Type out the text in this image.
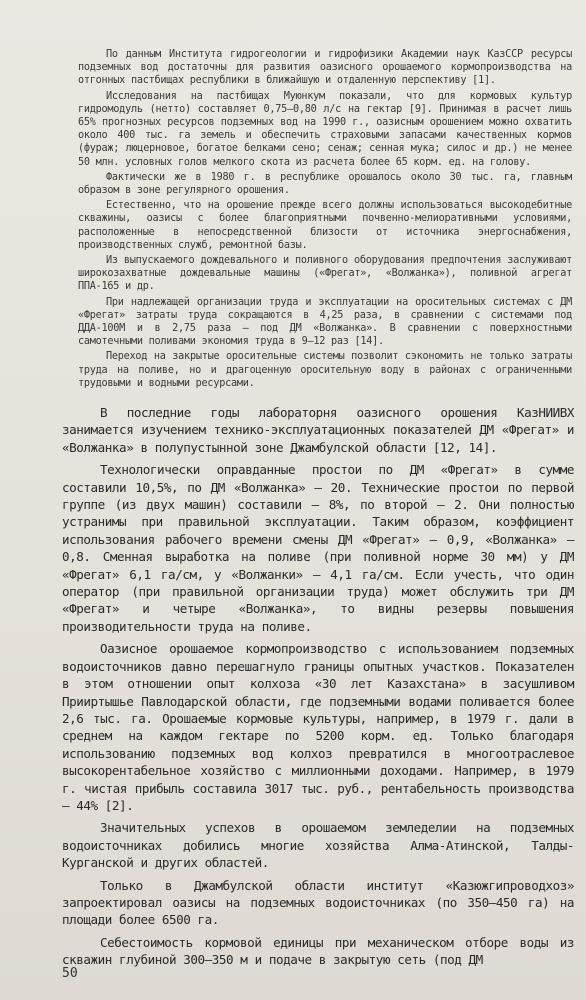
По данным Института гидрогеологии и гидрофизики Академии наук КазССР ресурсы подземных вод достаточны для развития оазисного орошаемого кормопроизводства на отгонных пастбищах республики в ближайшую и отдаленную перспективу [1].

Исследования на пастбищах Муюнкум показали, что для кормовых культур гидромодуль (нетто) составляет 0,75—0,80 л/с на гектар [9]. Принимая в расчет лишь 65% прогнозных ресурсов подземных вод на 1990 г., оазисным орошением можно охватить около 400 тыс. га земель и обеспечить страховыми запасами качественных кормов (фураж; люцерновое, богатое белками сено; сенаж; сенная мука; силос и др.) не менее 50 млн. условных голов мелкого скота из расчета более 65 корм. ед. на голову.

Фактически же в 1980 г. в республике орошалось около 30 тыс. га, главным образом в зоне регулярного орошения.

Естественно, что на орошение прежде всего должны использоваться высокодебитные скважины, оазисы с более благоприятными почвенно-мелиоративными условиями, расположенные в непосредственной близости от источника энергоснабжения, производственных служб, ремонтной базы.

Из выпускаемого дождевального и поливного оборудования предпочтения заслуживают широкозахватные дождевальные машины («Фрегат», «Волжанка»), поливной агрегат ППА-165 и др.

При надлежащей организации труда и эксплуатации на оросительных системах с ДМ «Фрегат» затраты труда сокращаются в 4,25 раза, в сравнении с системами под ДДА-100М и в 2,75 раза — под ДМ «Волжанка». В сравнении с поверхностными самотечными поливами экономия труда в 9—12 раз [14].

Переход на закрытые оросительные системы позволит сэкономить не только затраты труда на поливе, но и драгоценную оросительную воду в районах с ограниченными трудовыми и водными ресурсами.

В последние годы лабораторня оазисного орошения КазНИИВХ занимается изучением технико-эксплуатационных показателей ДМ «Фрегат» и «Волжанка» в полупустынной зоне Джамбулской области [12, 14].

Технологически оправданные простои по ДМ «Фрегат» в сумме составили 10,5%, по ДМ «Волжанка» — 20. Технические простои по первой группе (из двух машин) составили — 8%, по второй — 2. Они полностью устранимы при правильной эксплуатации. Таким образом, коэффициент использования рабочего времени смены ДМ «Фрегат» — 0,9, «Волжанка» — 0,8. Сменная выработка на поливе (при поливной норме 30 мм) у ДМ «Фрегат» 6,1 га/см, у «Волжанки» — 4,1 га/см. Если учесть, что один оператор (при правильной организации труда) может обслужить три ДМ «Фрегат» и четыре «Волжанка», то видны резервы повышения производительности труда на поливе.

Оазисное орошаемое кормопроизводство с использованием подземных водоисточников давно перешагнуло границы опытных участков. Показателен в этом отношении опыт колхоза «30 лет Казахстана» в засушливом Прииртышье Павлодарской области, где подземными водами поливается более 2,6 тыс. га. Орошаемые кормовые культуры, например, в 1979 г. дали в среднем на каждом гектаре по 5200 корм. ед. Только благодаря использованию подземных вод колхоз превратился в многоотраслевое высокорентабельное хозяйство с миллионными доходами. Например, в 1979 г. чистая прибыль составила 3017 тыс. руб., рентабельность производства — 44% [2].

Значительных успехов в орошаемом земледелии на подземных водоисточниках добились многие хозяйства Алма-Атинской, Талды-Курганской и других областей.

Только в Джамбулской области институт «Казюжгипроводхоз» запроектировал оазисы на подземных водоисточниках (по 350—450 га) на площади более 6500 га.

Себестоимость кормовой единицы при механическом отборе воды из скважин глубиной 300—350 м и подаче в закрытую сеть (под ДМ

50
